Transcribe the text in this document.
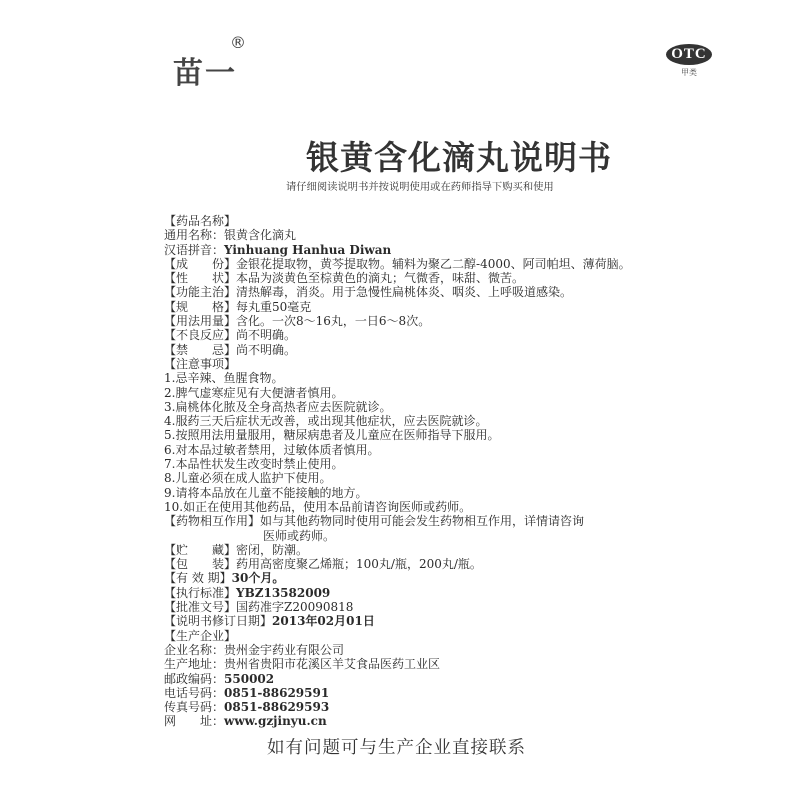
苗一
®
OTC
甲类
银黄含化滴丸说明书
请仔细阅读说明书并按说明使用或在药师指导下购买和使用
【药品名称】
通用名称：银黄含化滴丸
汉语拼音：Yinhuang Hanhua Diwan
【成　　份】金银花提取物，黄芩提取物。辅料为聚乙二醇-4000、阿司帕坦、薄荷脑。
【性　　状】本品为淡黄色至棕黄色的滴丸；气微香，味甜、微苦。
【功能主治】清热解毒，消炎。用于急慢性扁桃体炎、咽炎、上呼吸道感染。
【规　　格】每丸重50毫克
【用法用量】含化。一次8～16丸，一日6～8次。
【不良反应】尚不明确。
【禁　　忌】尚不明确。
【注意事项】
1.忌辛辣、鱼腥食物。
2.脾气虚寒症见有大便溏者慎用。
3.扁桃体化脓及全身高热者应去医院就诊。
4.服药三天后症状无改善，或出现其他症状，应去医院就诊。
5.按照用法用量服用，糖尿病患者及儿童应在医师指导下服用。
6.对本品过敏者禁用，过敏体质者慎用。
7.本品性状发生改变时禁止使用。
8.儿童必须在成人监护下使用。
9.请将本品放在儿童不能接触的地方。
10.如正在使用其他药品，使用本品前请咨询医师或药师。
【药物相互作用】如与其他药物同时使用可能会发生药物相互作用，详情请咨询
医师或药师。
【贮　　藏】密闭，防潮。
【包　　装】药用高密度聚乙烯瓶；100丸/瓶，200丸/瓶。
【有 效 期】30个月。
【执行标准】YBZ13582009
【批准文号】国药准字Z20090818
【说明书修订日期】2013年02月01日
【生产企业】
企业名称：贵州金宇药业有限公司
生产地址：贵州省贵阳市花溪区羊艾食品医药工业区
邮政编码：550002
电话号码：0851-88629591
传真号码：0851-88629593
网　　址：www.gzjinyu.cn
如有问题可与生产企业直接联系
